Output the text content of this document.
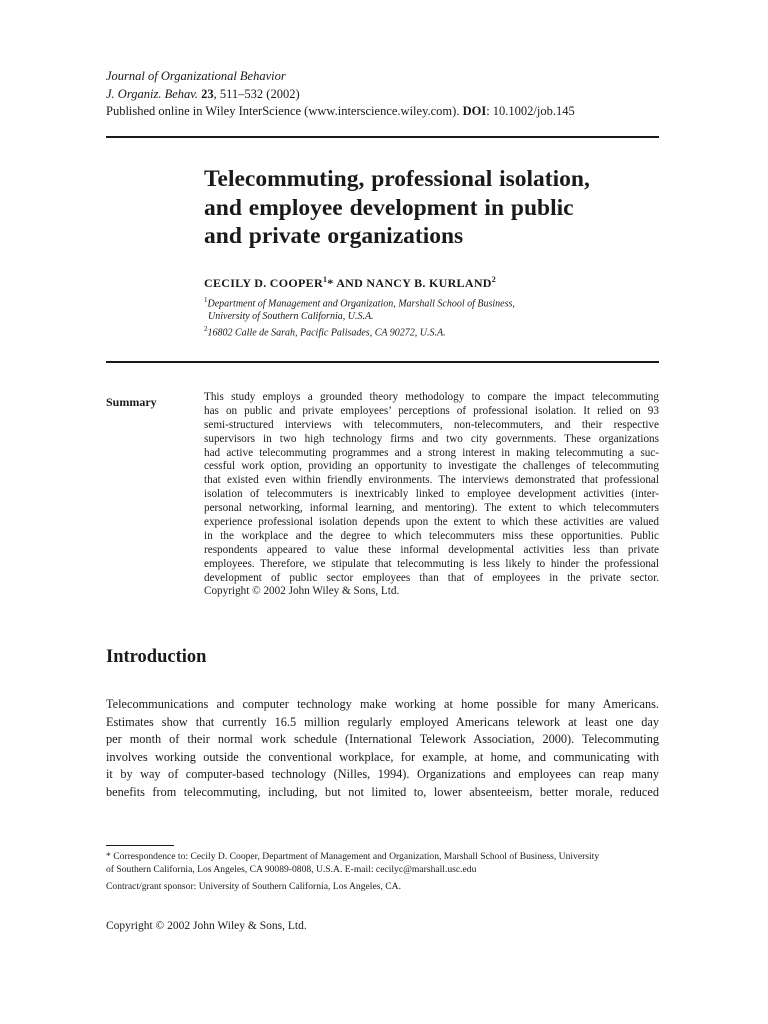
Journal of Organizational Behavior
J. Organiz. Behav. 23, 511–532 (2002)
Published online in Wiley InterScience (www.interscience.wiley.com). DOI: 10.1002/job.145
Telecommuting, professional isolation,
and employee development in public
and private organizations
CECILY D. COOPER$^1$* AND NANCY B. KURLAND$^2$
$^1$Department of Management and Organization, Marshall School of Business,
University of Southern California, U.S.A.
$^2$16802 Calle de Sarah, Pacific Palisades, CA 90272, U.S.A.
Summary	This study employs a grounded theory methodology to compare the impact telecommuting
has on public and private employees’ perceptions of professional isolation. It relied on 93
semi-structured interviews with telecommuters, non-telecommuters, and their respective
supervisors in two high technology firms and two city governments. These organizations
had active telecommuting programmes and a strong interest in making telecommuting a suc-
cessful work option, providing an opportunity to investigate the challenges of telecommuting
that existed even within friendly environments. The interviews demonstrated that professional
isolation of telecommuters is inextricably linked to employee development activities (inter-
personal networking, informal learning, and mentoring). The extent to which telecommuters
experience professional isolation depends upon the extent to which these activities are valued
in the workplace and the degree to which telecommuters miss these opportunities. Public
respondents appeared to value these informal developmental activities less than private
employees. Therefore, we stipulate that telecommuting is less likely to hinder the professional
development of public sector employees than that of employees in the private sector.
Copyright © 2002 John Wiley & Sons, Ltd.
Introduction
Telecommunications and computer technology make working at home possible for many Americans.
Estimates show that currently 16.5 million regularly employed Americans telework at least one day
per month of their normal work schedule (International Telework Association, 2000). Telecommuting
involves working outside the conventional workplace, for example, at home, and communicating with
it by way of computer-based technology (Nilles, 1994). Organizations and employees can reap many
benefits from telecommuting, including, but not limited to, lower absenteeism, better morale, reduced
* Correspondence to: Cecily D. Cooper, Department of Management and Organization, Marshall School of Business, University
of Southern California, Los Angeles, CA 90089-0808, U.S.A. E-mail: cecilyc@marshall.usc.edu
Contract/grant sponsor: University of Southern California, Los Angeles, CA.
Copyright © 2002 John Wiley & Sons, Ltd.
